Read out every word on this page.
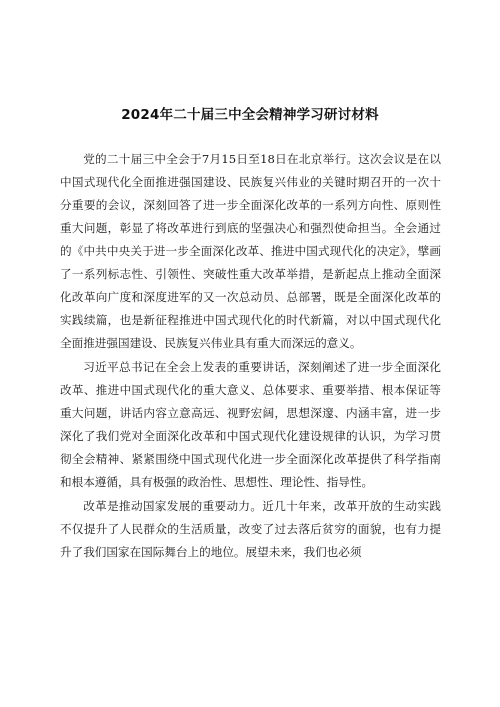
2024年二十届三中全会精神学习研讨材料

党的二十届三中全会于7月15日至18日在北京举行。这次会议是在以中国式现代化全面推进强国建设、民族复兴伟业的关键时期召开的一次十分重要的会议，深刻回答了进一步全面深化改革的一系列方向性、原则性重大问题，彰显了将改革进行到底的坚强决心和强烈使命担当。全会通过的《中共中央关于进一步全面深化改革、推进中国式现代化的决定》，擘画了一系列标志性、引领性、突破性重大改革举措，是新起点上推动全面深化改革向广度和深度进军的又一次总动员、总部署，既是全面深化改革的实践续篇，也是新征程推进中国式现代化的时代新篇，对以中国式现代化全面推进强国建设、民族复兴伟业具有重大而深远的意义。

习近平总书记在全会上发表的重要讲话，深刻阐述了进一步全面深化改革、推进中国式现代化的重大意义、总体要求、重要举措、根本保证等重大问题，讲话内容立意高远、视野宏阔，思想深邃、内涵丰富，进一步深化了我们党对全面深化改革和中国式现代化建设规律的认识，为学习贯彻全会精神、紧紧围绕中国式现代化进一步全面深化改革提供了科学指南和根本遵循，具有极强的政治性、思想性、理论性、指导性。

改革是推动国家发展的重要动力。近几十年来，改革开放的生动实践不仅提升了人民群众的生活质量，改变了过去落后贫穷的面貌，也有力提升了我们国家在国际舞台上的地位。展望未来，我们也必须
